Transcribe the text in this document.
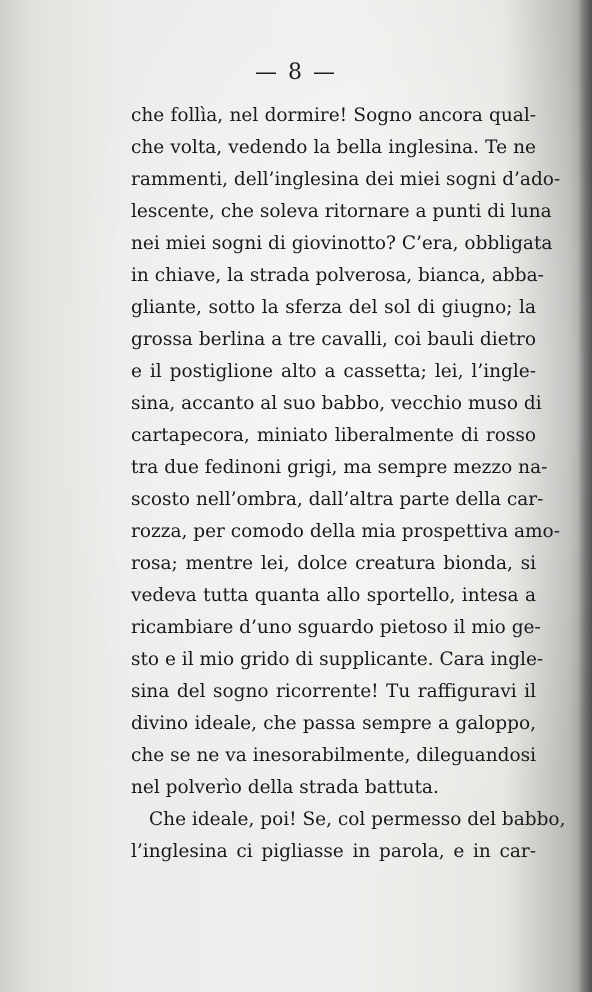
— 8 —
che follìa, nel dormire! Sogno ancora qual-
che volta, vedendo la bella inglesina. Te ne
rammenti, dell’inglesina dei miei sogni d’ado-
lescente, che soleva ritornare a punti di luna
nei miei sogni di giovinotto? C’era, obbligata
in chiave, la strada polverosa, bianca, abba-
gliante, sotto la sferza del sol di giugno; la
grossa berlina a tre cavalli, coi bauli dietro
e il postiglione alto a cassetta; lei, l’ingle-
sina, accanto al suo babbo, vecchio muso di
cartapecora, miniato liberalmente di rosso
tra due fedinoni grigi, ma sempre mezzo na-
scosto nell’ombra, dall’altra parte della car-
rozza, per comodo della mia prospettiva amo-
rosa; mentre lei, dolce creatura bionda, si
vedeva tutta quanta allo sportello, intesa a
ricambiare d’uno sguardo pietoso il mio ge-
sto e il mio grido di supplicante. Cara ingle-
sina del sogno ricorrente! Tu raffiguravi il
divino ideale, che passa sempre a galoppo,
che se ne va inesorabilmente, dileguandosi
nel polverìo della strada battuta.
Che ideale, poi! Se, col permesso del babbo,
l’inglesina ci pigliasse in parola, e in car-
